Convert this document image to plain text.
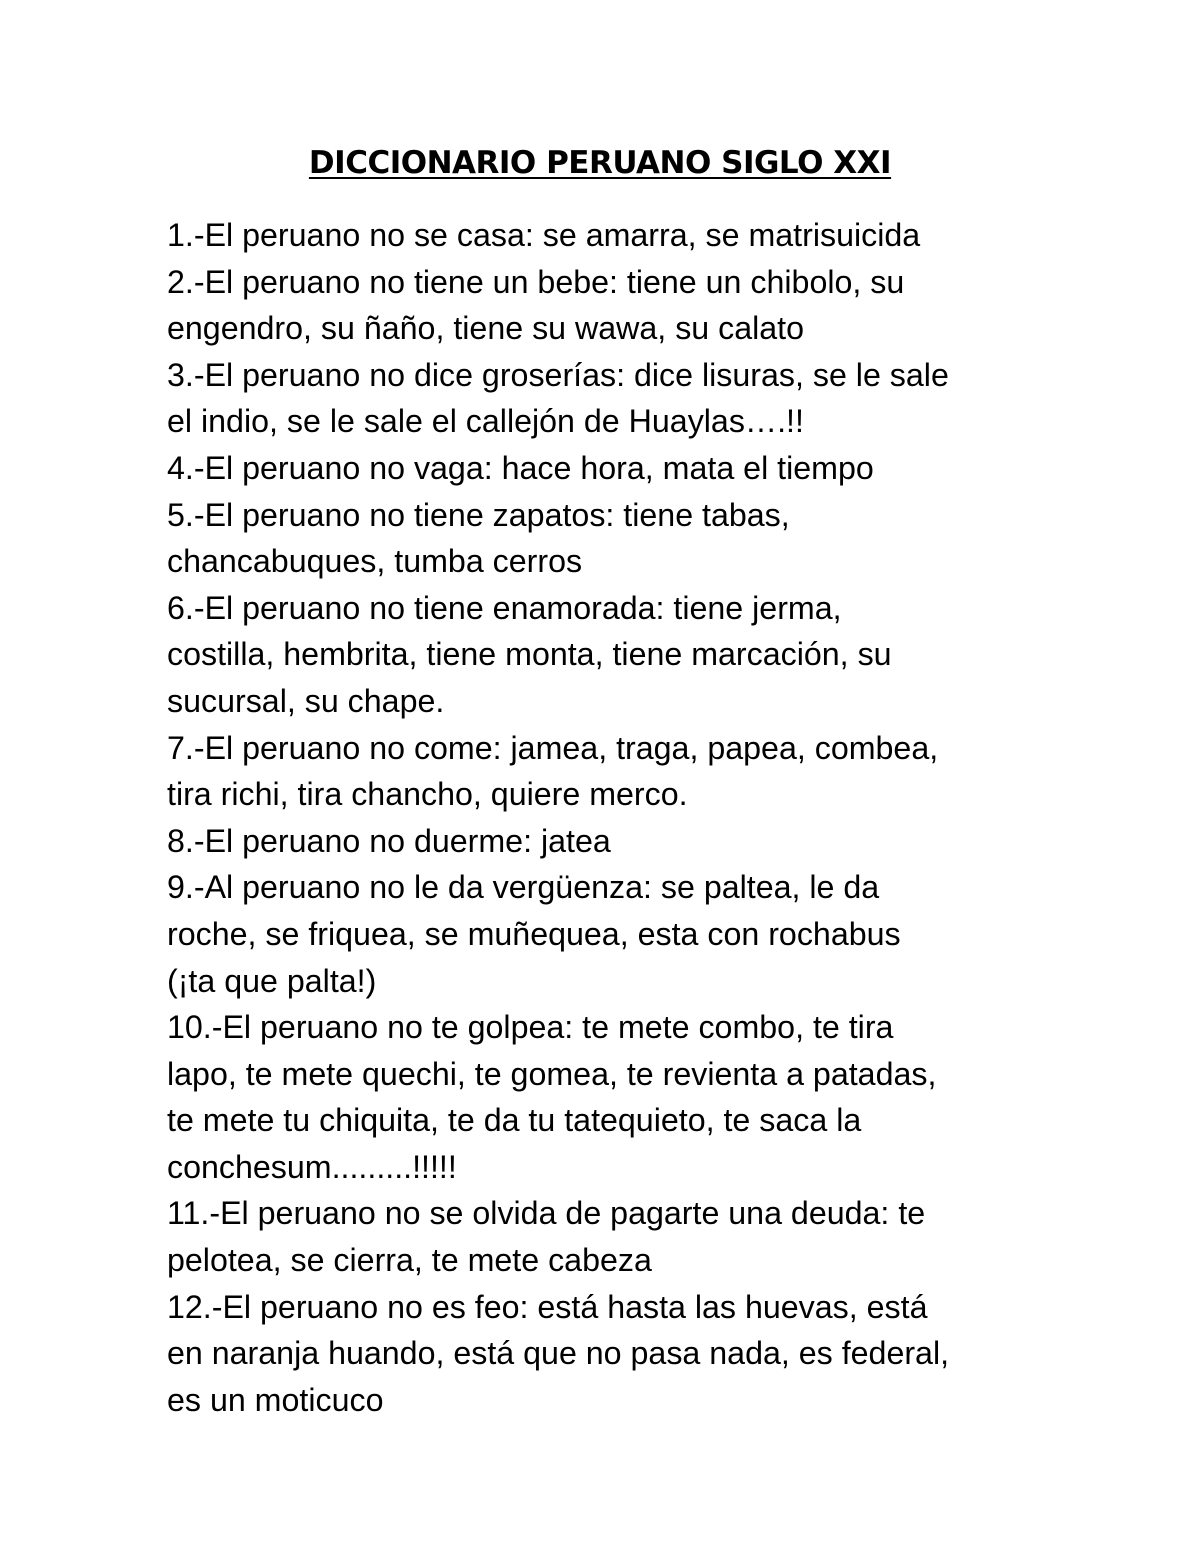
DICCIONARIO PERUANO SIGLO XXI
1.-El peruano no se casa: se amarra, se matrisuicida
2.-El peruano no tiene un bebe: tiene un chibolo, su
engendro, su ñaño, tiene su wawa, su calato
3.-El peruano no dice groserías: dice lisuras, se le sale
el indio, se le sale el callejón de Huaylas….!!
4.-El peruano no vaga: hace hora, mata el tiempo
5.-El peruano no tiene zapatos: tiene tabas,
chancabuques, tumba cerros
6.-El peruano no tiene enamorada: tiene jerma,
costilla, hembrita, tiene monta, tiene marcación, su
sucursal, su chape.
7.-El peruano no come: jamea, traga, papea, combea,
tira richi, tira chancho, quiere merco.
8.-El peruano no duerme: jatea
9.-Al peruano no le da vergüenza: se paltea, le da
roche, se friquea, se muñequea, esta con rochabus
(¡ta que palta!)
10.-El peruano no te golpea: te mete combo, te tira
lapo, te mete quechi, te gomea, te revienta a patadas,
te mete tu chiquita, te da tu tatequieto, te saca la
conchesum.........!!!!!
11.-El peruano no se olvida de pagarte una deuda: te
pelotea, se cierra, te mete cabeza
12.-El peruano no es feo: está hasta las huevas, está
en naranja huando, está que no pasa nada, es federal,
es un moticuco
